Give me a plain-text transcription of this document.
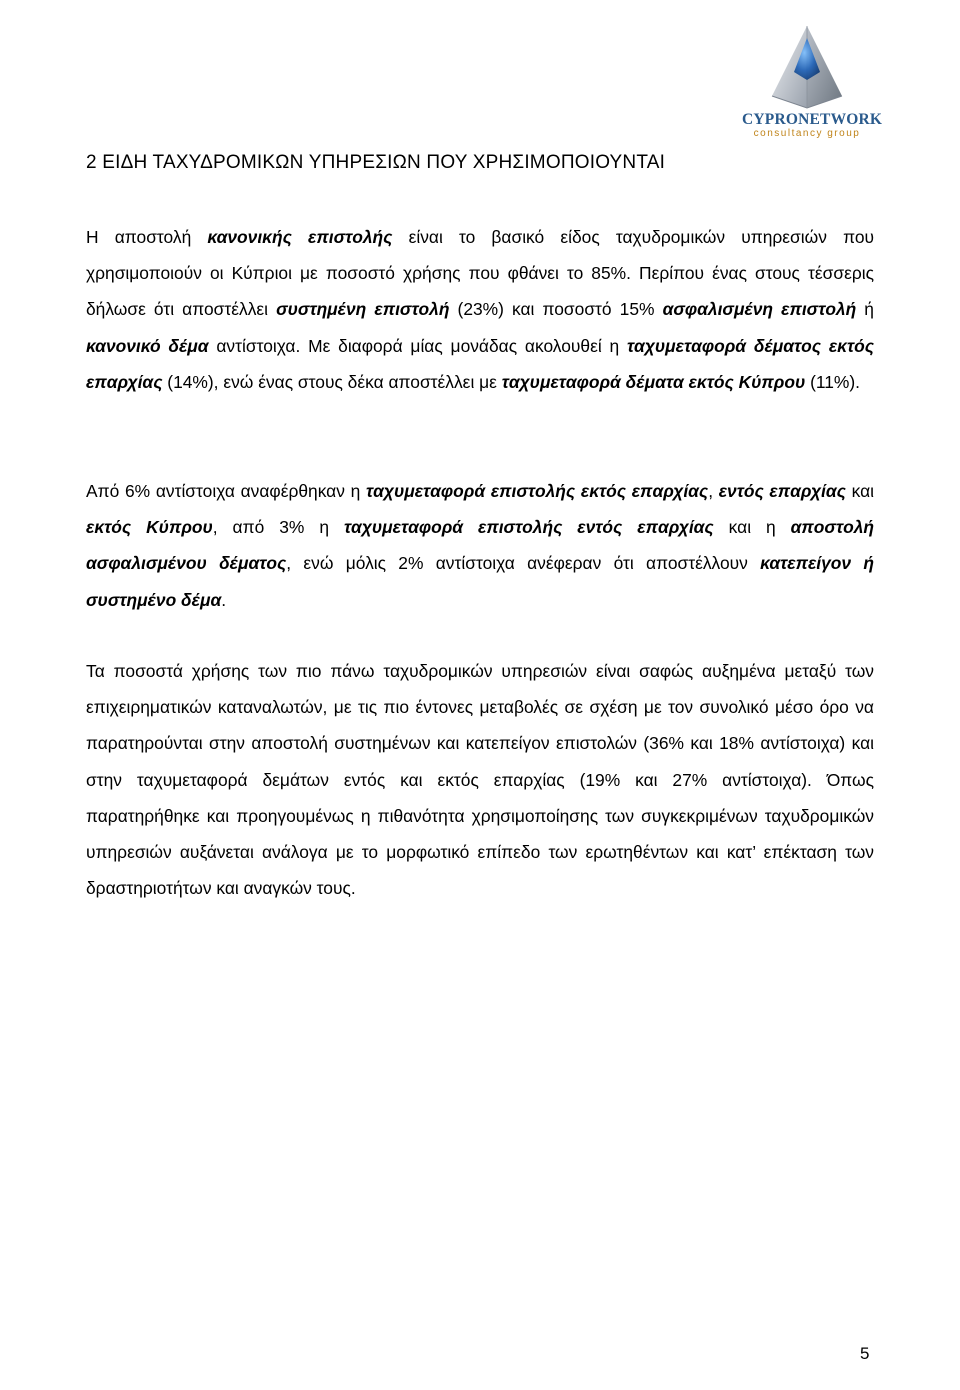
CYPRONETWORK
consultancy group
2 ΕΙΔΗ ΤΑΧΥΔΡΟΜΙΚΩΝ ΥΠΗΡΕΣΙΩΝ ΠΟΥ ΧΡΗΣΙΜΟΠΟΙΟΥΝΤΑΙ

Η αποστολή κανονικής επιστολής είναι το βασικό είδος ταχυδρομικών υπηρεσιών που χρησιμοποιούν οι Κύπριοι με ποσοστό χρήσης που φθάνει το 85%. Περίπου ένας στους τέσσερις δήλωσε ότι αποστέλλει συστημένη επιστολή (23%) και ποσοστό 15% ασφαλισμένη επιστολή ή κανονικό δέμα αντίστοιχα. Με διαφορά μίας μονάδας ακολουθεί η ταχυμεταφορά δέματος εκτός επαρχίας (14%), ενώ ένας στους δέκα αποστέλλει με ταχυμεταφορά δέματα εκτός Κύπρου (11%).

Από 6% αντίστοιχα αναφέρθηκαν η ταχυμεταφορά επιστολής εκτός επαρχίας, εντός επαρχίας και εκτός Κύπρου, από 3% η ταχυμεταφορά επιστολής εντός επαρχίας και η αποστολή ασφαλισμένου δέματος, ενώ μόλις 2% αντίστοιχα ανέφεραν ότι αποστέλλουν κατεπείγον ή συστημένο δέμα.

Τα ποσοστά χρήσης των πιο πάνω ταχυδρομικών υπηρεσιών είναι σαφώς αυξημένα μεταξύ των επιχειρηματικών καταναλωτών, με τις πιο έντονες μεταβολές σε σχέση με τον συνολικό μέσο όρο να παρατηρούνται στην αποστολή συστημένων και κατεπείγον επιστολών (36% και 18% αντίστοιχα) και στην ταχυμεταφορά δεμάτων εντός και εκτός επαρχίας (19% και 27% αντίστοιχα). Όπως παρατηρήθηκε και προηγουμένως η πιθανότητα χρησιμοποίησης των συγκεκριμένων ταχυδρομικών υπηρεσιών αυξάνεται ανάλογα με το μορφωτικό επίπεδο των ερωτηθέντων και κατ’ επέκταση των δραστηριοτήτων και αναγκών τους.

5
